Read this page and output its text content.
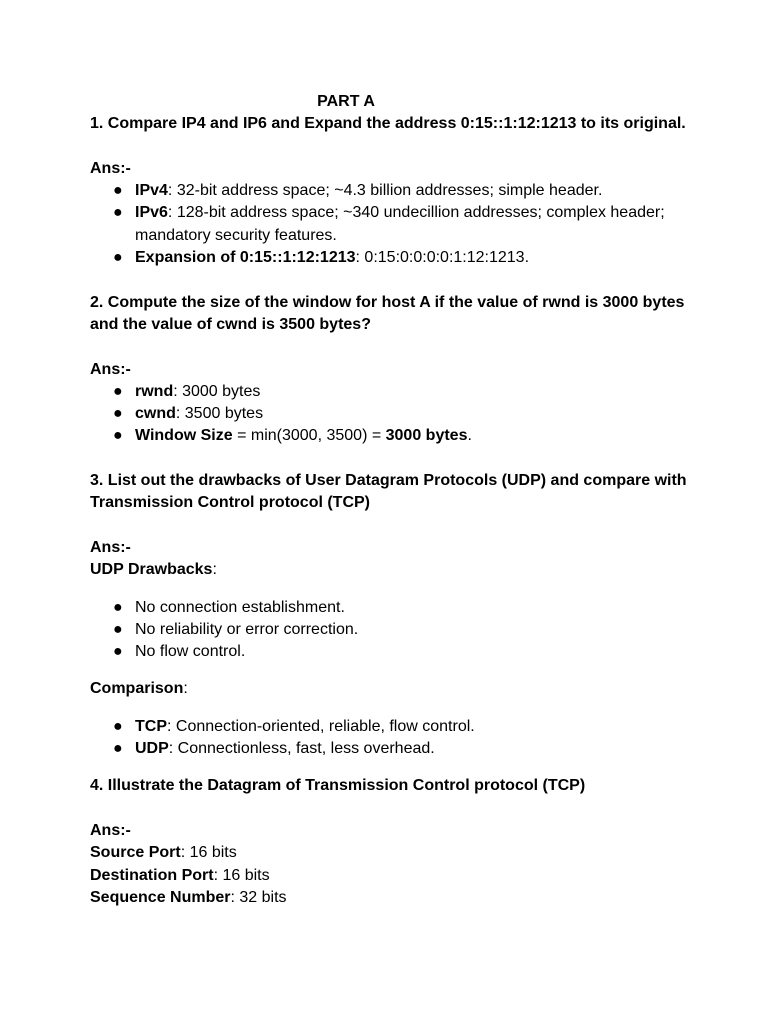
PART A

1. Compare IP4 and IP6 and Expand the address 0:15::1:12:1213 to its original.

Ans:-

● IPv4: 32-bit address space; ~4.3 billion addresses; simple header.
● IPv6: 128-bit address space; ~340 undecillion addresses; complex header; mandatory security features.
● Expansion of 0:15::1:12:1213: 0:15:0:0:0:0:1:12:1213.

2. Compute the size of the window for host A if the value of rwnd is 3000 bytes and the value of cwnd is 3500 bytes?

Ans:-

● rwnd: 3000 bytes
● cwnd: 3500 bytes
● Window Size = min(3000, 3500) = 3000 bytes.

3. List out the drawbacks of User Datagram Protocols (UDP) and compare with Transmission Control protocol (TCP)

Ans:-

UDP Drawbacks:

● No connection establishment.
● No reliability or error correction.
● No flow control.

Comparison:

● TCP: Connection-oriented, reliable, flow control.
● UDP: Connectionless, fast, less overhead.

4. Illustrate the Datagram of Transmission Control protocol (TCP)

Ans:-

Source Port: 16 bits

Destination Port: 16 bits

Sequence Number: 32 bits
